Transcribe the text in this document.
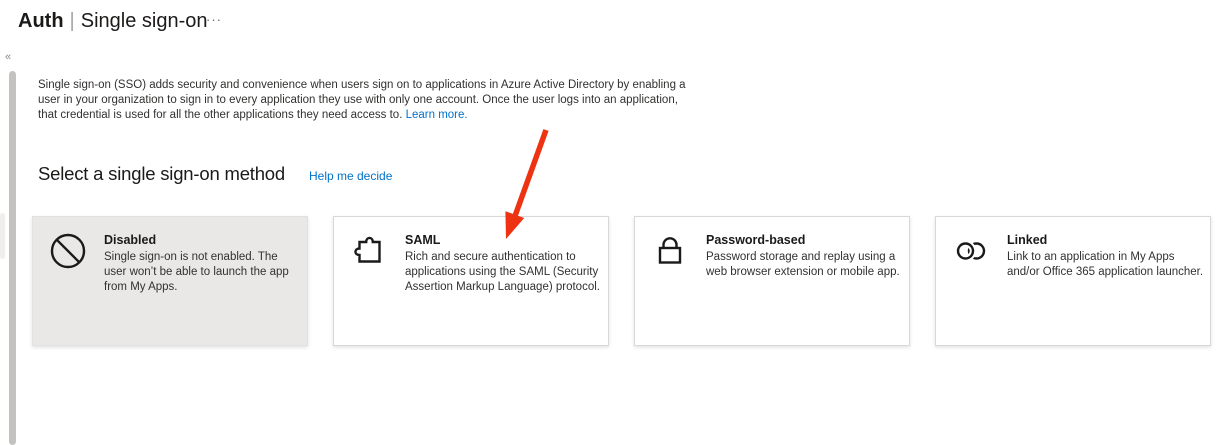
Auth | Single sign-on
···
«

Single sign-on (SSO) adds security and convenience when users sign on to applications in Azure Active Directory by enabling a user in your organization to sign in to every application they use with only one account. Once the user logs into an application, that credential is used for all the other applications they need access to. Learn more.

Select a single sign-on method Help me decide
Disabled
Single sign-on is not enabled. The user won’t be able to launch the app from My Apps.
SAML
Rich and secure authentication to applications using the SAML (Security Assertion Markup Language) protocol.
Password-based
Password storage and replay using a web browser extension or mobile app.
Linked
Link to an application in My Apps and/or Office 365 application launcher.
